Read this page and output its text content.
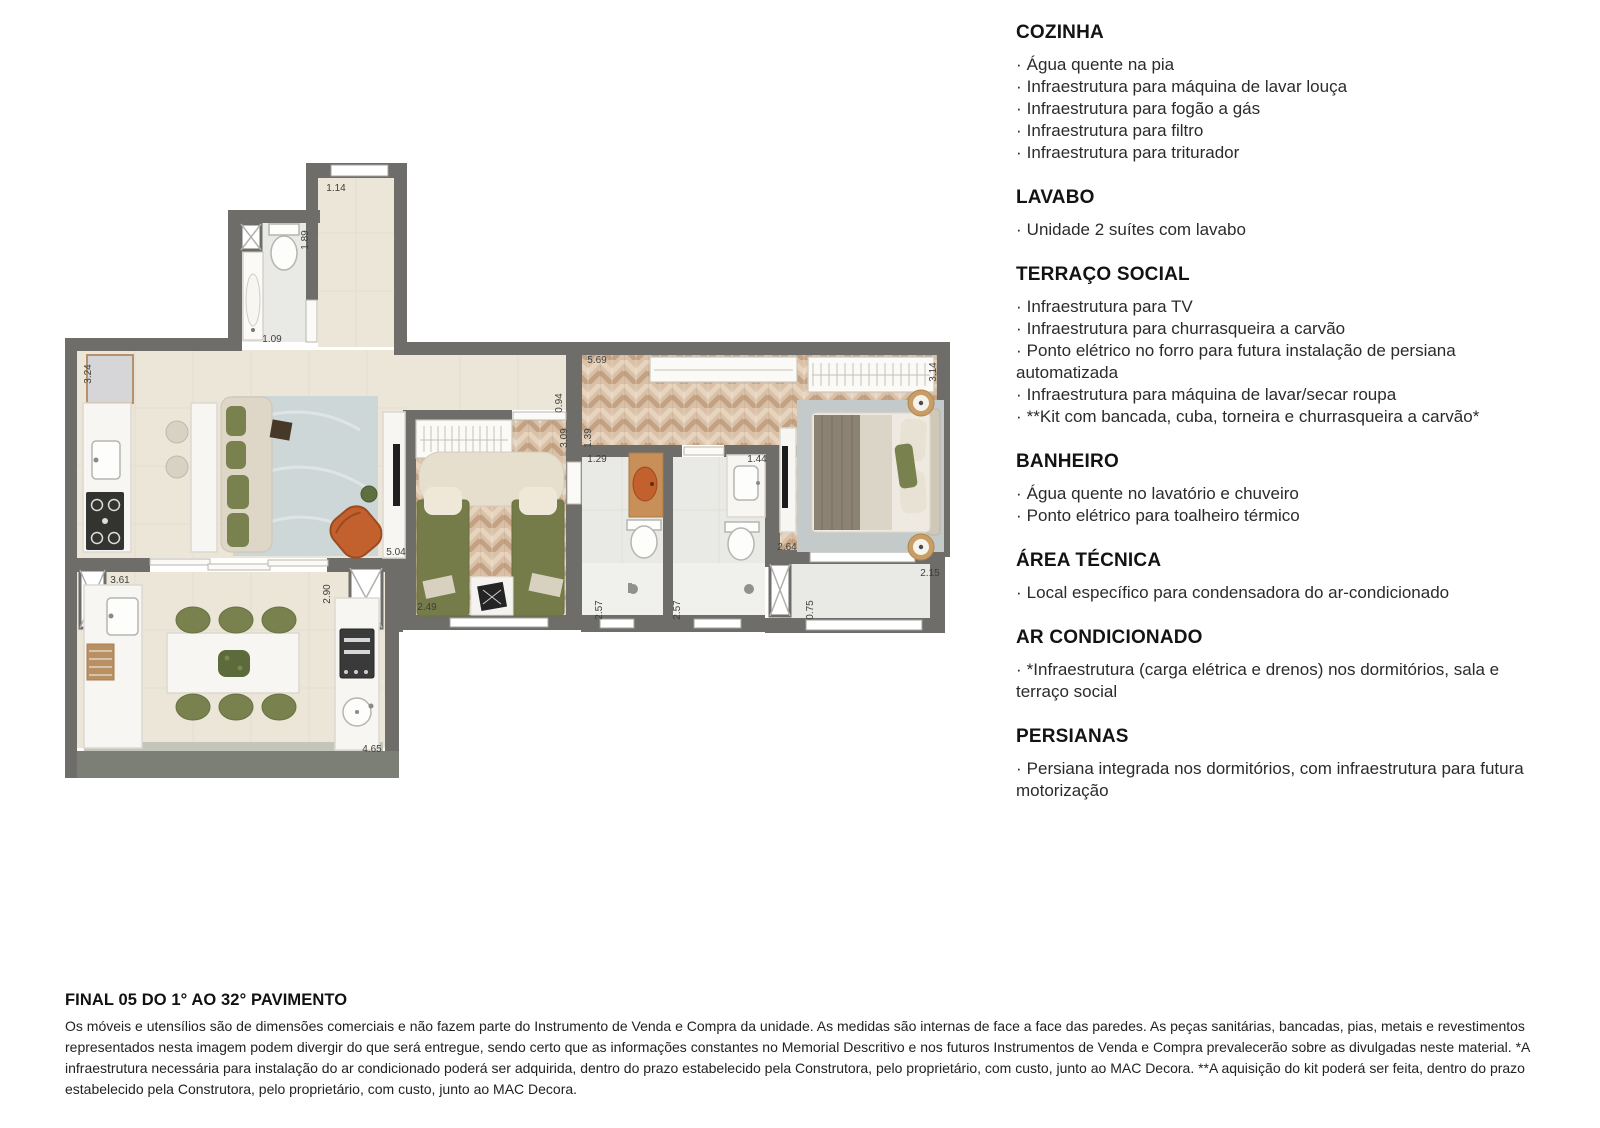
1.14
1.89
1.09
3.24
5.69
0.94
3.09 1.39
1.29	1.44
3.14
5.04
2.90
3.61
2.57	2.57
2.64
2.15
0.75
4.65
2.49
COZINHA
· Água quente na pia
· Infraestrutura para máquina de lavar louça
· Infraestrutura para fogão a gás
· Infraestrutura para filtro
· Infraestrutura para triturador
LAVABO
· Unidade 2 suítes com lavabo
TERRAÇO SOCIAL
· Infraestrutura para TV
· Infraestrutura para churrasqueira a carvão
· Ponto elétrico no forro para futura instalação de persiana automatizada
· Infraestrutura para máquina de lavar/secar roupa
· **Kit com bancada, cuba, torneira e churrasqueira a carvão*
BANHEIRO
· Água quente no lavatório e chuveiro
· Ponto elétrico para toalheiro térmico
ÁREA TÉCNICA
· Local específico para condensadora do ar-condicionado
AR CONDICIONADO
· *Infraestrutura (carga elétrica e drenos) nos dormitórios, sala e terraço social
PERSIANAS
· Persiana integrada nos dormitórios, com infraestrutura para futura motorização
FINAL 05 DO 1° AO 32° PAVIMENTO

Os móveis e utensílios são de dimensões comerciais e não fazem parte do Instrumento de Venda e Compra da unidade. As medidas são internas de face a face das paredes. As peças sanitárias, bancadas, pias, metais e revestimentos representados nesta imagem podem divergir do que será entregue, sendo certo que as informações constantes no Memorial Descritivo e nos futuros Instrumentos de Venda e Compra prevalecerão sobre as divulgadas neste material. *A infraestrutura necessária para instalação do ar condicionado poderá ser adquirida, dentro do prazo estabelecido pela Construtora, pelo proprietário, com custo, junto ao MAC Decora. **A aquisição do kit poderá ser feita, dentro do prazo estabelecido pela Construtora, pelo proprietário, com custo, junto ao MAC Decora.
